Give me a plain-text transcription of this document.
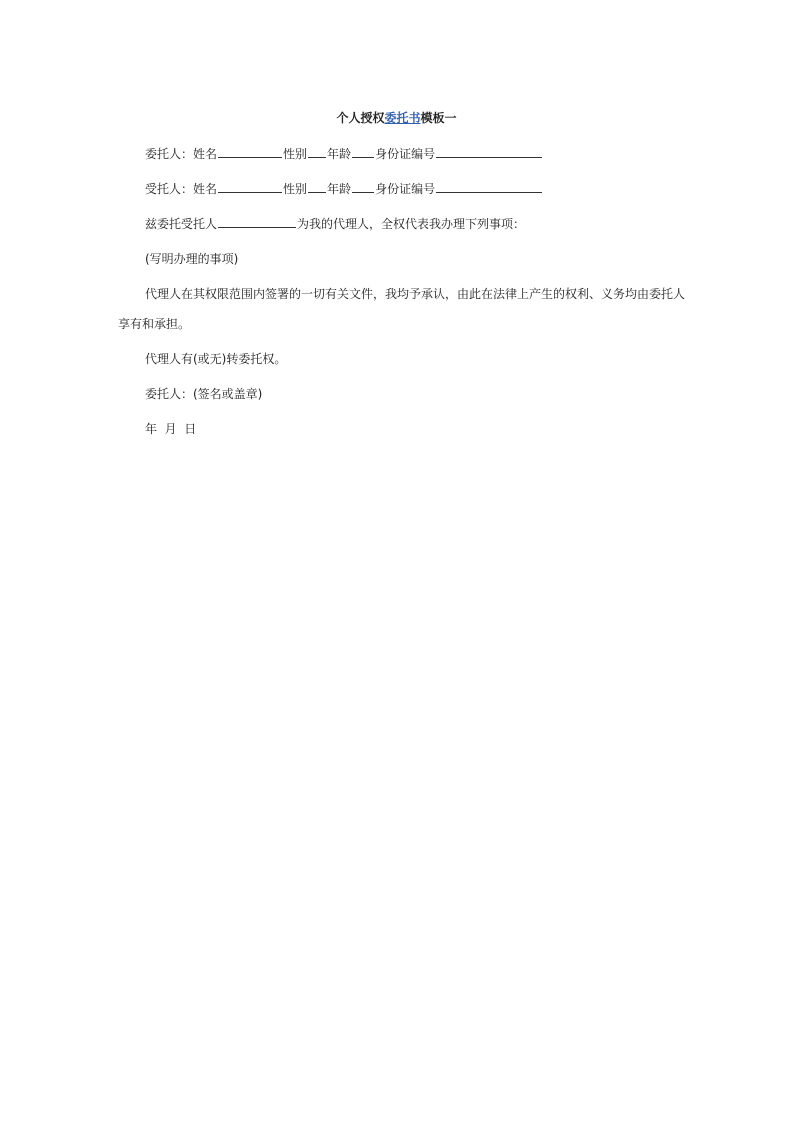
个人授权委托书模板一
委托人：姓名	性别 年龄 身份证编号
受托人：姓名	性别 年龄 身份证编号
兹委托受托人	为我的代理人，全权代表我办理下列事项：
(写明办理的事项)
代理人在其权限范围内签署的一切有关文件，我均予承认，由此在法律上产生的权利、义务均由委托人享有和承担。
代理人有(或无)转委托权。
委托人：(签名或盖章)
年  月  日
